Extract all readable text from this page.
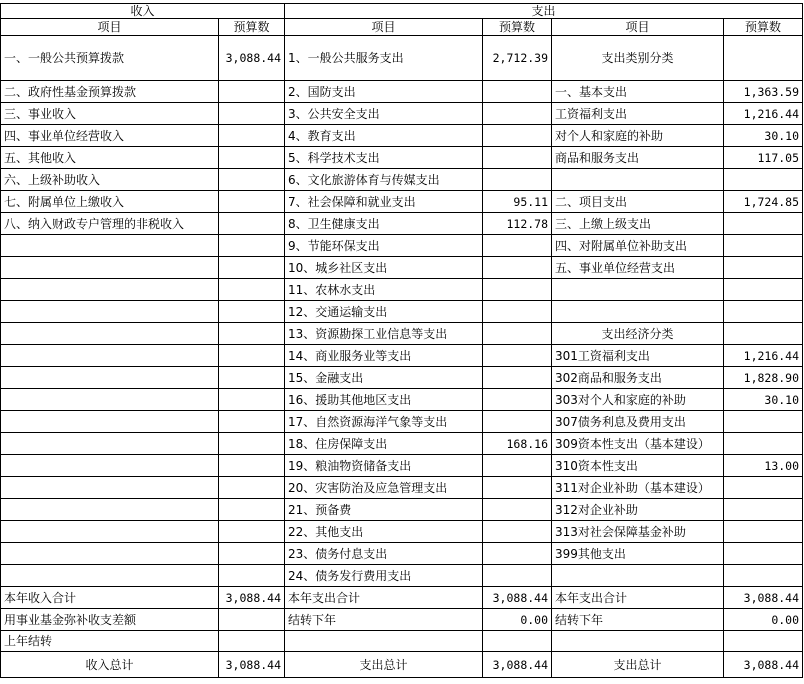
收入		支出			
项目	预算数	项目	预算数	项目	预算数
一、一般公共预算拨款	3,088.44	1、一般公共服务支出	2,712.39	支出类别分类	
二、政府性基金预算拨款		2、国防支出		一、基本支出	1,363.59
三、事业收入		3、公共安全支出		工资福利支出	1,216.44
四、事业单位经营收入		4、教育支出		对个人和家庭的补助	30.10
五、其他收入		5、科学技术支出		商品和服务支出	117.05
六、上级补助收入		6、文化旅游体育与传媒支出			
七、附属单位上缴收入		7、社会保障和就业支出	95.11	二、项目支出	1,724.85
八、纳入财政专户管理的非税收入		8、卫生健康支出	112.78	三、上缴上级支出	
		9、节能环保支出		四、对附属单位补助支出	
		10、城乡社区支出		五、事业单位经营支出	
		11、农林水支出			
		12、交通运输支出			
		13、资源勘探工业信息等支出		支出经济分类	
		14、商业服务业等支出		301工资福利支出	1,216.44
		15、金融支出		302商品和服务支出	1,828.90
		16、援助其他地区支出		303对个人和家庭的补助	30.10
		17、自然资源海洋气象等支出		307债务利息及费用支出	
		18、住房保障支出	168.16	309资本性支出（基本建设）	
		19、粮油物资储备支出		310资本性支出	13.00
		20、灾害防治及应急管理支出		311对企业补助（基本建设）	
		21、预备费		312对企业补助	
		22、其他支出		313对社会保障基金补助	
		23、债务付息支出		399其他支出	
		24、债务发行费用支出			
本年收入合计	3,088.44	本年支出合计	3,088.44	本年支出合计	3,088.44
用事业基金弥补收支差额		结转下年	0.00	结转下年	0.00
上年结转					
收入总计	3,088.44	支出总计	3,088.44	支出总计	3,088.44
